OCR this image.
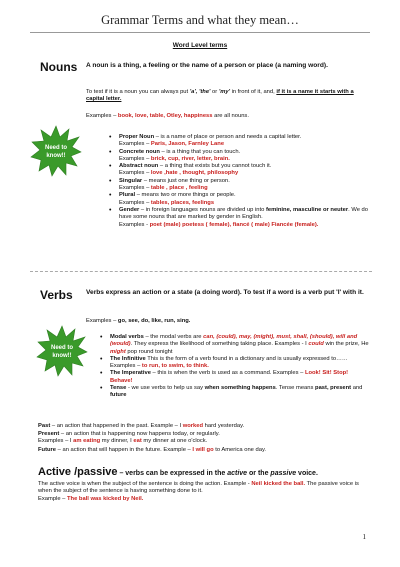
Grammar Terms and what they mean…
Word Level terms
Nouns A noun is a thing, a feeling or the name of a person or place (a naming word).
To test if it is a noun you can always put 'a', 'the' or 'my' in front of it, and, if it is a name it starts with a capital letter.
Examples – book, love, table, Otley, happiness are all nouns.
Need to
know!!
• Proper Noun – is a name of place or person and needs a capital letter.
Examples – Paris, Jason, Farnley Lane
• Concrete noun – is a thing that you can touch.
Examples – brick, cup, river, letter, brain.
• Abstract noun – a thing that exists but you cannot touch it.
Examples – love ,hate , thought, philosophy
• Singular – means just one thing or person.
Examples – table , place , feeling
• Plural – means two or more things or people.
Examples – tables, places, feelings
• Gender – in foreign languages nouns are divided up into feminine, masculine or neuter. We do have some nouns that are marked by gender in English.
Examples - poet (male) poetess ( female), fiancé ( male) Fiancée (female).
Verbs Verbs express an action or a state (a doing word). To test if a word is a verb put 'I' with it.
Examples – go, see, do, like, run, sing.
Need to
know!!
• Modal verbs – the modal verbs are can, (could), may, (might), must, shall, (should), will and (would). They express the likelihood of something taking place. Examples - I could win the prize, He might pop round tonight
• The Infinitive This is the form of a verb found in a dictionary and is usually expressed to…… Examples – to run, to swim, to think.
• The Imperative – this is when the verb is used as a command. Examples – Look! Sit! Stop! Behave!
• Tense - we use verbs to help us say when something happens. Tense means past, present and future
Past – an action that happened in the past. Example – I worked hard yesterday.
Present – an action that is happening now happens today, or regularly.
Examples – I am eating my dinner, I eat my dinner at one o'clock.
Future – an action that will happen in the future. Example – I will go to America one day.
Active /passive – verbs can be expressed in the active or the passive voice.
The active voice is when the subject of the sentence is doing the action. Example - Neil kicked the ball. The passive voice is when the subject of the sentence is having something done to it.
Example – The ball was kicked by Neil.
1
